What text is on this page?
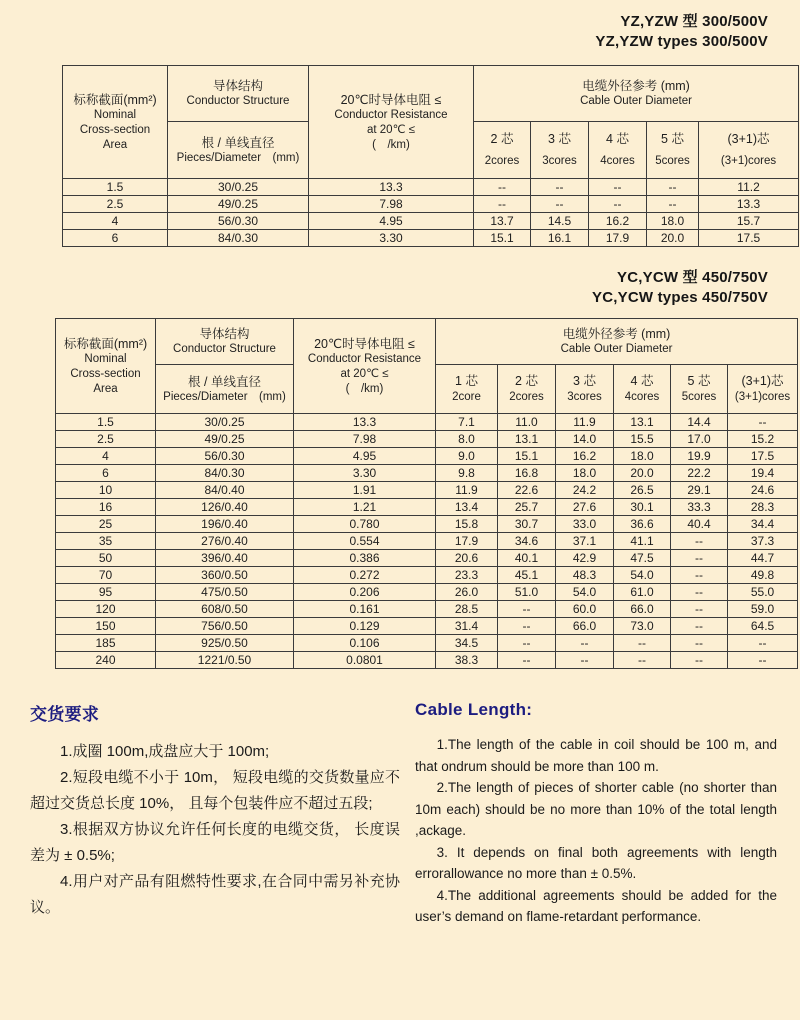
YZ,YZW 型 300/500V
YZ,YZW types 300/500V
标称截面(mm²)
Nominal
Cross-section
Area

导体结构
Conductor Structure	20℃时导体电阻 ≤
Conductor Resistance
at 20℃ ≤
(　/km)

电缆外径参考 (mm)
Cable Outer Diameter

根 / 单线直径
Pieces/Diameter　(mm)

2 芯
2cores

3 芯
3cores

4 芯
4cores

5 芯
5cores

(3+1)芯
(3+1)cores

1.5	30/0.25	13.3	--	--	--	--	11.2
2.5	49/0.25	7.98	--	--	--	--	13.3
4	56/0.30	4.95	13.7	14.5	16.2	18.0	15.7
6	84/0.30	3.30	15.1	16.1	17.9	20.0	17.5
YC,YCW 型 450/750V
YC,YCW types 450/750V
标称截面(mm²)
Nominal
Cross-section
Area

导体结构
Conductor Structure	20℃时导体电阻 ≤
Conductor Resistance
at 20℃ ≤
(　/km)

电缆外径参考 (mm)
Cable Outer Diameter

根 / 单线直径
Pieces/Diameter　(mm)

1 芯
2core

2 芯
2cores

3 芯
3cores

4 芯
4cores

5 芯
5cores

(3+1)芯
(3+1)cores

1.5	30/0.25	13.3	7.1	11.0	11.9	13.1	14.4	--
2.5	49/0.25	7.98	8.0	13.1	14.0	15.5	17.0	15.2
4	56/0.30	4.95	9.0	15.1	16.2	18.0	19.9	17.5
6	84/0.30	3.30	9.8	16.8	18.0	20.0	22.2	19.4
10	84/0.40	1.91	11.9	22.6	24.2	26.5	29.1	24.6
16	126/0.40	1.21	13.4	25.7	27.6	30.1	33.3	28.3
25	196/0.40	0.780	15.8	30.7	33.0	36.6	40.4	34.4
35	276/0.40	0.554	17.9	34.6	37.1	41.1	--	37.3
50	396/0.40	0.386	20.6	40.1	42.9	47.5	--	44.7
70	360/0.50	0.272	23.3	45.1	48.3	54.0	--	49.8
95	475/0.50	0.206	26.0	51.0	54.0	61.0	--	55.0
120	608/0.50	0.161	28.5	--	60.0	66.0	--	59.0
150	756/0.50	0.129	31.4	--	66.0	73.0	--	64.5
185	925/0.50	0.106	34.5	--	--	--	--	--
240	1221/0.50	0.0801	38.3	--	--	--	--	--
交货要求

1.成圈 100m,成盘应大于 100m;

2.短段电缆不小于 10m， 短段电缆的交货数量应不超过交货总长度 10%， 且每个包装件应不超过五段;

3.根据双方协议允许任何长度的电缆交货， 长度误差为 ± 0.5%;

4.用户对产品有阻燃特性要求,在合同中需另补充协议。

Cable Length:

1.The length of the cable in coil should be 100 m, and that ondrum should be more than 100 m.

2.The length of pieces of shorter cable (no shorter than 10m each) should be no more than 10% of the total length ,ackage.

3. It depends on final both agreements with length errorallowance no more than ± 0.5%.

4.The additional agreements should be added for the user’s demand on flame-retardant performance.
